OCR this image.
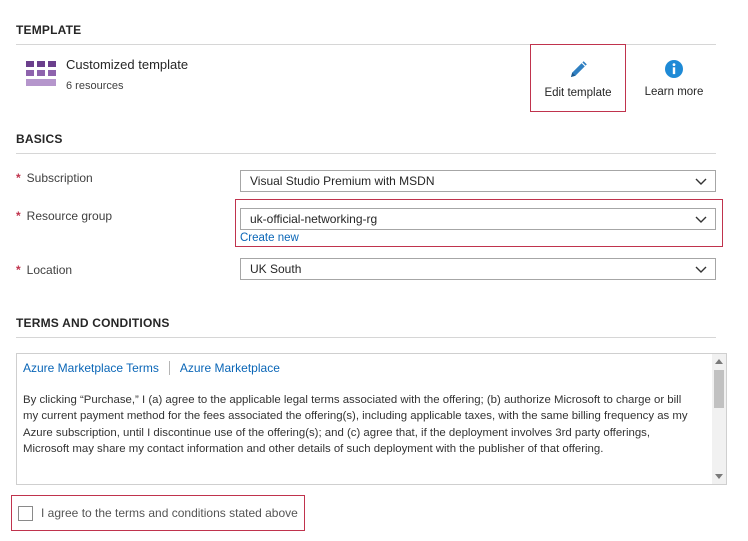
TEMPLATE
Customized template
6 resources
Edit template	Learn more
BASICS
* Subscription	Visual Studio Premium with MSDN
* Resource group	uk-official-networking-rg
Create new
* Location	UK South
TERMS AND CONDITIONS
Azure Marketplace Terms Azure Marketplace
By clicking “Purchase,” I (a) agree to the applicable legal terms associated with the offering; (b) authorize Microsoft to charge or bill my current payment method for the fees associated the offering(s), including applicable taxes, with the same billing frequency as my Azure subscription, until I discontinue use of the offering(s); and (c) agree that, if the deployment involves 3rd party offerings, Microsoft may share my contact information and other details of such deployment with the publisher of that offering.
I agree to the terms and conditions stated above
